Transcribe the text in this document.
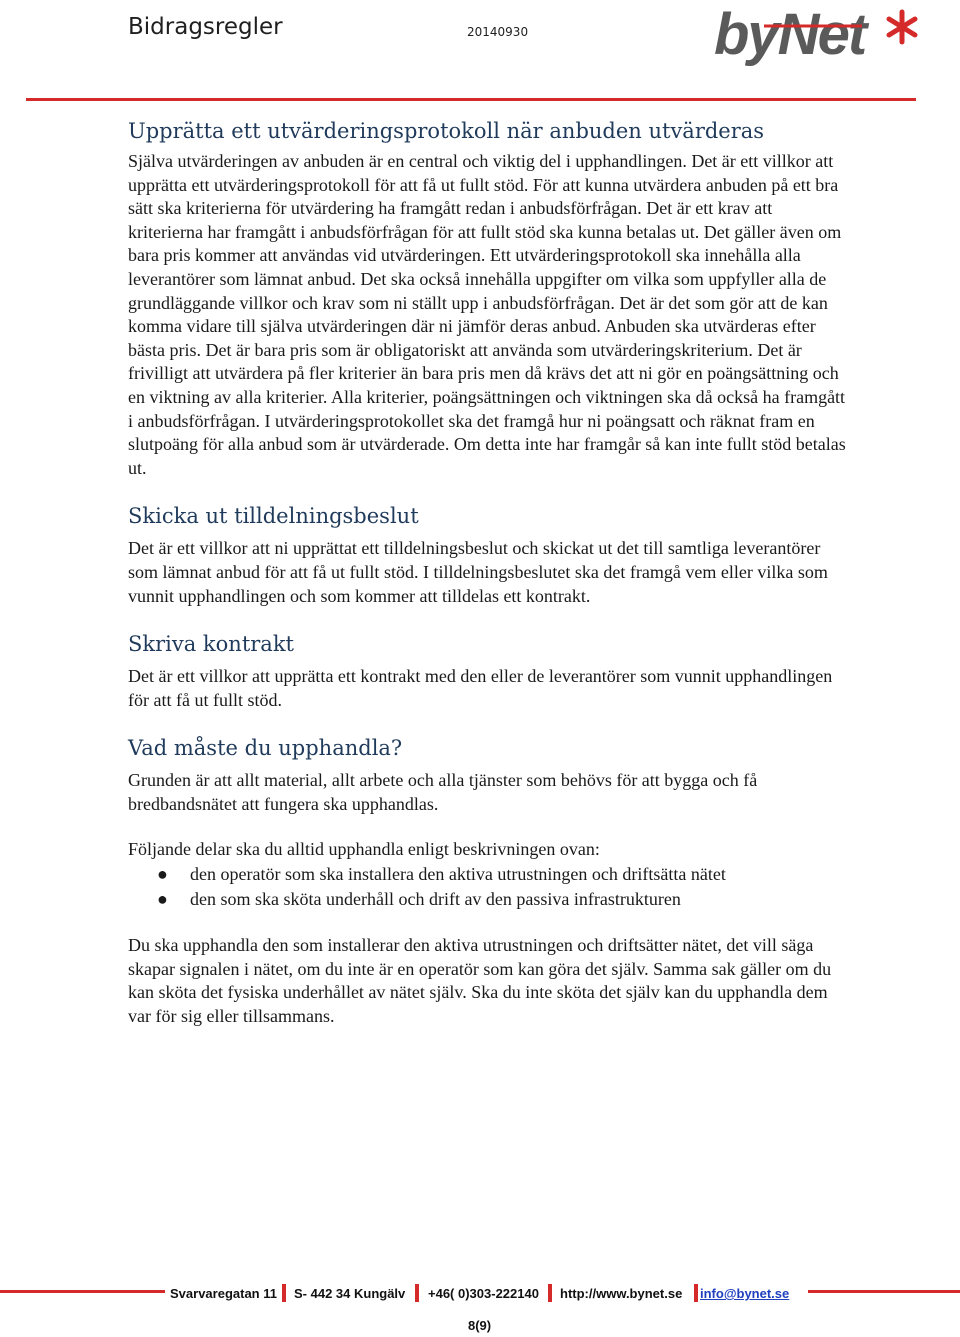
Bidragsregler	20140930	byNet
Upprätta ett utvärderingsprotokoll när anbuden utvärderas

Själva utvärderingen av anbuden är en central och viktig del i upphandlingen. Det är ett villkor att upprätta ett utvärderingsprotokoll för att få ut fullt stöd. För att kunna utvärdera anbuden på ett bra sätt ska kriterierna för utvärdering ha framgått redan i anbudsförfrågan. Det är ett krav att kriterierna har framgått i anbudsförfrågan för att fullt stöd ska kunna betalas ut. Det gäller även om bara pris kommer att användas vid utvärderingen. Ett utvärderingsprotokoll ska innehålla alla leverantörer som lämnat anbud. Det ska också innehålla uppgifter om vilka som uppfyller alla de grundläggande villkor och krav som ni ställt upp i anbudsförfrågan. Det är det som gör att de kan komma vidare till själva utvärderingen där ni jämför deras anbud. Anbuden ska utvärderas efter bästa pris. Det är bara pris som är obligatoriskt att använda som utvärderingskriterium. Det är frivilligt att utvärdera på fler kriterier än bara pris men då krävs det att ni gör en poängsättning och en viktning av alla kriterier. Alla kriterier, poängsättningen och viktningen ska då också ha framgått i anbudsförfrågan. I utvärderingsprotokollet ska det framgå hur ni poängsatt och räknat fram en slutpoäng för alla anbud som är utvärderade. Om detta inte har framgår så kan inte fullt stöd betalas ut.

Skicka ut tilldelningsbeslut

Det är ett villkor att ni upprättat ett tilldelningsbeslut och skickat ut det till samtliga leverantörer som lämnat anbud för att få ut fullt stöd. I tilldelningsbeslutet ska det framgå vem eller vilka som vunnit upphandlingen och som kommer att tilldelas ett kontrakt.

Skriva kontrakt

Det är ett villkor att upprätta ett kontrakt med den eller de leverantörer som vunnit upphandlingen för att få ut fullt stöd.

Vad måste du upphandla?

Grunden är att allt material, allt arbete och alla tjänster som behövs för att bygga och få bredbandsnätet att fungera ska upphandlas.

Följande delar ska du alltid upphandla enligt beskrivningen ovan:

● den operatör som ska installera den aktiva utrustningen och driftsätta nätet
● den som ska sköta underhåll och drift av den passiva infrastrukturen

Du ska upphandla den som installerar den aktiva utrustningen och driftsätter nätet, det vill säga skapar signalen i nätet, om du inte är en operatör som kan göra det själv. Samma sak gäller om du kan sköta det fysiska underhållet av nätet själv. Ska du inte sköta det själv kan du upphandla dem var för sig eller tillsammans.

Svarvaregatan 11 S- 442 34 Kungälv +46( 0)303-222140 http://www.bynet.se info@bynet.se
8(9)
